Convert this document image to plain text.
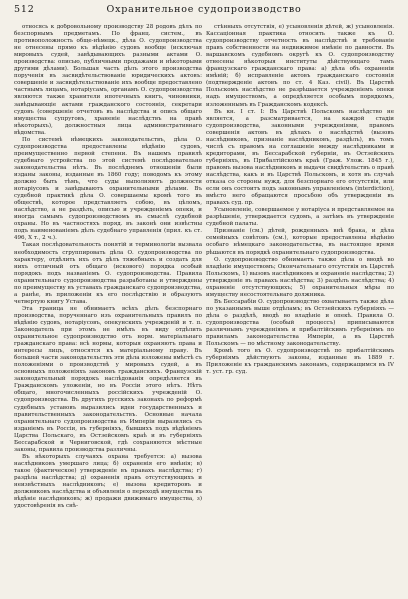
512	Охранительное судопроизводство

относясь к добровольному производству 28 родовъ дѣлъ по безспорнымъ предметамъ. По франц. систем., въ противоположность обще-нѣмецк., дѣла О. судопроизводства не отнесены прямо къ вѣдѣнію судовъ вообще (исключая мировыхъ судей, завѣдывающихъ разными актами О. производства: описью, публичными продажами и нѣкоторыми другими дѣлами). Большая часть дѣлъ этого производства порученія въ засвидѣтельствованіе юридическихъ актовъ: совершеніе и засвидѣтельствованіе ихъ вообще предоставлено частнымъ лицамъ, нотаріусамъ, органамъ О. судопроизводства являются также хранители ипотечныхъ книгъ, чиновники, завѣдывающіе актами гражданского состоянія, секретари судовъ (совершеніе отчетовъ въ наслѣдства и опись общаго имущества супруговъ, храненіе наслѣдствъ на правѣ нѣкоторыхъ), должностныя лица административнаго вѣдомства.

По системѣ нѣмецкихъ законодательствъ, дѣла О. судопроизводства предоставлены вѣдѣнію судовъ, преимущественно первой степени. Въ нашемъ правилѣ судебнаго устройства по этой системѣ послѣдовательно законодательства нѣтъ. Въ послѣднемъ отношеніи были изданы законы, изданные въ 1860 году; поводомъ къ этому должно быть тѣмъ, что суды выполняютъ должности нотаріусовъ и завѣдываютъ охранительными дѣлами. Въ судебной практикѣ дѣла О. совершаемы кромѣ того въ обществѣ, которое представляетъ собою, въ цѣломъ, наслѣдство, а не раздѣлъ, описью и учрежденіемъ опеки, и иногда самымъ судопроизводствомъ въ смыслѣ судебной охраны. Но въ частностяхъ поряд. въ законѣ они извѣстны подъ наименованіемъ дѣлъ судебнаго управленія (прил. къ ст. 496, X т., 2 ч.).

Такая послѣдовательность понятій и терминологіи вызвала необходимость сгруппировать дѣла О. судопроизводства по характеру, отдѣлить ихъ отъ дѣлъ тяжебныхъ и создать для нихъ отличный отъ общаго (искового) порядка особый порядокъ подъ названіемъ О. судопроизводства. Правила охранительнаго судопроизводства разработаны и утверждены по преимуществу въ уставахъ гражданскаго судопроизводства, а ранѣе, въ приложеніи къ его послѣдствію и образуютъ четвертую книгу Устава.

Эта граница не обнимаетъ всѣхъ дѣлъ безспорнаго производства, порученнаго изъ охранительныхъ правилъ по вѣдѣнію судовъ, нотаріусовъ, опекунскихъ учрежденій и т. п. Законодатель при этомъ не имѣлъ въ виду отдѣлить охранительное судопроизводство отъ норм. матеріальнаго гражданскаго права: всѣ нормы, которыя охраняютъ права и интересы лицъ, относятся къ матеріальному праву. Въ большей части законодательствъ эти дѣла изложены вмѣстѣ съ положеніями о производствѣ у мировыхъ судей, а въ основныхъ положеніяхъ законовъ гражданскихъ. Французскій законодательный порядокъ наслѣдованія опредѣляется въ Гражданскомъ уложеніи, но въ Россіи этого нѣтъ. Нѣтъ общаго, многочисленныхъ россійскихъ учрежденій О. судопроизводства. Въ другихъ русскихъ законахъ по реформѣ судебныхъ уставовъ выразились идеи государственныхъ и правительственныхъ законодательствъ. Основные начала охранительнаго судопроизводства въ Имперіи выразились съ изданіемъ въ Россіи, въ губерніяхъ, бывшихъ подъ вѣдѣніемъ Царства Польскаго, въ Остзейскомъ краѣ и въ губерніяхъ Бессарабской и Черниговской, гдѣ сохраняются мѣстные законы, правила производства различны.

Въ нѣкоторыхъ случаяхъ охрана требуется: а) вызова наслѣдниковъ умершаго лица; б) охраненія его имѣнія; в) такое (фактическое) утвержденіе въ правахъ наслѣдства; г) раздѣла наслѣдства; д) охраненія правъ отсутствующихъ и неизвѣстныхъ наслѣдниковъ; е) вызова кредиторовъ и должниковъ наслѣдства и объявленія о переходѣ имущества въ вѣдѣніе наслѣдниковъ; ж) продажи движимаго имущества, з) удостовѣренія въ снѣ-

стѣнныхъ отсутствія, е) усыновленія дѣтей, ж) усыновленія. Кассаціонная практика относить также къ О. судопроизводству отчетность въ наслѣдствѣ и требованіе правъ собственности на недвижимое имѣніе по давности. Въ варшавскомъ судебномъ округѣ къ О. судопроизводству отнесены нѣкоторыя институты дѣйствующаго тамъ французскаго гражданскаго права: а) дѣла объ охраненіи имѣній; б) исправленіе актовъ гражданскаго состоянія (подтвержденіе актовъ по ст. 4 Каз. civil). Въ Царствѣ Польскомъ наслѣдство не разрѣшается учрежденіемъ опеки надъ имуществомъ, а опредѣляется особымъ порядкомъ, изложеннымъ въ Гражданскомъ кодексѣ.

Въ кн. I ст. I: Въ Царствѣ Польскомъ наслѣдство не является, а разсматривается, на каждой стадіи судопроизводства, законными учрежденіями, правомъ совершенія актовъ въ дѣлахъ о наслѣдствѣ (вызовъ наслѣдниковъ, признаніе наслѣдниковъ, раздѣлъ), въ томъ числѣ съ правомъ на соглашеніе между наслѣдниками и кредиторами, въ Бессарабской губерніи, въ Остзейскихъ губерніяхъ, въ Прибалтійскомъ краѣ (Граж. Улож. 1845 г.), правомъ вызова наслѣдниковъ и выдачи свидѣтельствъ о правѣ наслѣдства, какъ и въ Царствѣ Польскомъ, и хотя въ случаѣ отказа со стороны нужд. для безспорнаго его отсутствія, или если онъ состоитъ подъ законнымъ управленіемъ (interdiction), вмѣсто него обращаются просьбою объ утвержденіи въ правахъ суд. пр.

Усыновленіе, совершаемое у нотаріуса и представляемое на разрѣшеніе, утверждается судомъ, а затѣмъ въ утвержденіе судебной палаты.

Признаніе (см.) дѣтей, рожденныхъ внѣ брака, и дѣла семейныхъ совѣтовъ (см.), которые предоставлены вѣдѣнію особаго нѣмецкаго законодательства, въ настоящее время рѣшаются въ порядкѣ охранительнаго судопроизводства.

О. судопроизводство обнимаетъ также дѣла о вводѣ во владѣніе имуществомъ; Окончательнаго отсутствія въ Царствѣ Польскомъ, 1) вызовъ наслѣдниковъ и охраненіе наслѣдства; 2) утвержденіе въ правахъ наслѣдства; 3) раздѣлъ наслѣдства; 4) охраненіе отсутствующихъ; 5) охранительныя мѣры по имуществу несостоятельнаго должника.

Въ Бессарабіи О. судопроизводство охватываетъ также дѣла по указаннымъ выше отдѣламъ; въ Остзейскихъ губерніяхъ — дѣла о раздѣлѣ, вводѣ во владѣніе и опекѣ. Правила О. судопроизводства (особый процессъ) приписываются различнымъ учрежденіямъ и прибалтійскимъ губерніямъ по правиламъ законодательства Имперіи, а въ Царствѣ Польскомъ — по мѣстному законодательству.

Кромѣ того въ О. судопроизводствѣ по прибалтійскимъ губерніямъ дѣйствуютъ законы, изданные въ 1889 г. Приложеніе къ гражданскимъ законамъ, содержащимся въ IV т. уст. гр. суд.
